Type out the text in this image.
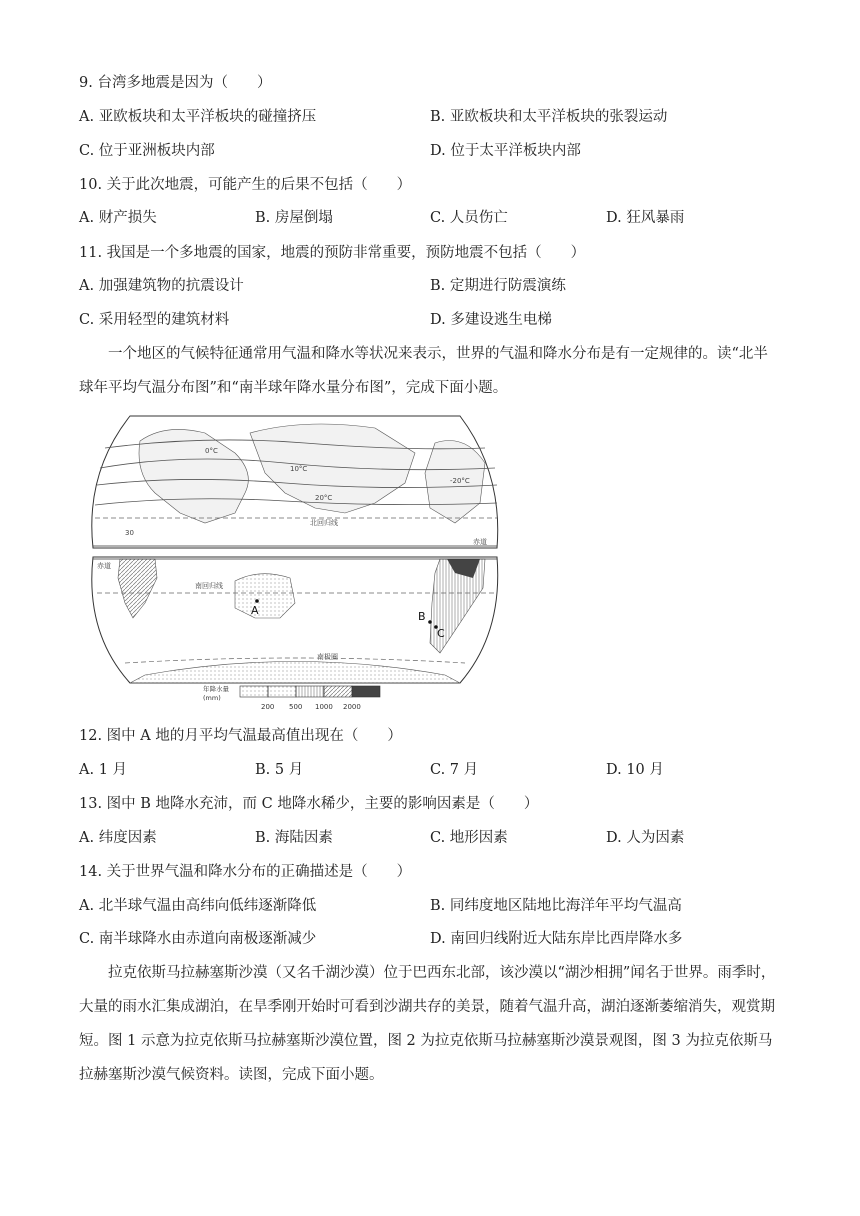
9. 台湾多地震是因为（　　）
A. 亚欧板块和太平洋板块的碰撞挤压	B. 亚欧板块和太平洋板块的张裂运动
C. 位于亚洲板块内部	D. 位于太平洋板块内部
10. 关于此次地震，可能产生的后果不包括（　　）
A. 财产损失	B. 房屋倒塌	C. 人员伤亡	D. 狂风暴雨
11. 我国是一个多地震的国家，地震的预防非常重要，预防地震不包括（　　）
A. 加强建筑物的抗震设计	B. 定期进行防震演练
C. 采用轻型的建筑材料	D. 多建设逃生电梯
一个地区的气候特征通常用气温和降水等状况来表示，世界的气温和降水分布是有一定规律的。读“北半球年平均气温分布图”和“南半球年降水量分布图”，完成下面小题。
0°C
10°C
20°C
-20°C
30
北回归线
赤道
赤道
南回归线
南极圈
A	B
C
年降水量
(mm)
200 500 1000 2000
12. 图中 A 地的月平均气温最高值出现在（　　）
A. 1 月	B. 5 月	C. 7 月	D. 10 月
13. 图中 B 地降水充沛，而 C 地降水稀少，主要的影响因素是（　　）
A. 纬度因素	B. 海陆因素	C. 地形因素	D. 人为因素
14. 关于世界气温和降水分布的正确描述是（　　）
A. 北半球气温由高纬向低纬逐渐降低	B. 同纬度地区陆地比海洋年平均气温高
C. 南半球降水由赤道向南极逐渐减少	D. 南回归线附近大陆东岸比西岸降水多
拉克依斯马拉赫塞斯沙漠（又名千湖沙漠）位于巴西东北部，该沙漠以“湖沙相拥”闻名于世界。雨季时，大量的雨水汇集成湖泊，在旱季刚开始时可看到沙湖共存的美景，随着气温升高，湖泊逐渐萎缩消失，观赏期短。图 1 示意为拉克依斯马拉赫塞斯沙漠位置，图 2 为拉克依斯马拉赫塞斯沙漠景观图，图 3 为拉克依斯马拉赫塞斯沙漠气候资料。读图，完成下面小题。
